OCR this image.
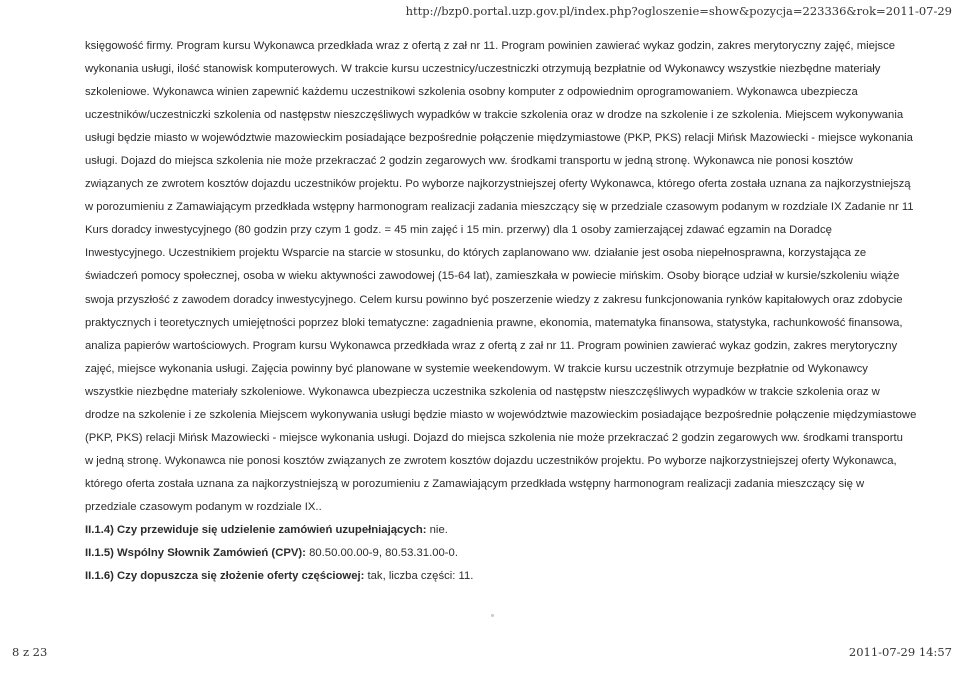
http://bzp0.portal.uzp.gov.pl/index.php?ogloszenie=show&pozycja=223336&rok=2011-07-29
księgowość firmy. Program kursu Wykonawca przedkłada wraz z ofertą z zał nr 11. Program powinien zawierać wykaz godzin, zakres merytoryczny zajęć, miejsce
wykonania usługi, ilość stanowisk komputerowych. W trakcie kursu uczestnicy/uczestniczki otrzymują bezpłatnie od Wykonawcy wszystkie niezbędne materiały
szkoleniowe. Wykonawca winien zapewnić każdemu uczestnikowi szkolenia osobny komputer z odpowiednim oprogramowaniem. Wykonawca ubezpiecza
uczestników/uczestniczki szkolenia od następstw nieszczęśliwych wypadków w trakcie szkolenia oraz w drodze na szkolenie i ze szkolenia. Miejscem wykonywania
usługi będzie miasto w województwie mazowieckim posiadające bezpośrednie połączenie międzymiastowe (PKP, PKS) relacji Mińsk Mazowiecki - miejsce wykonania
usługi. Dojazd do miejsca szkolenia nie może przekraczać 2 godzin zegarowych ww. środkami transportu w jedną stronę. Wykonawca nie ponosi kosztów
związanych ze zwrotem kosztów dojazdu uczestników projektu. Po wyborze najkorzystniejszej oferty Wykonawca, którego oferta została uznana za najkorzystniejszą
w porozumieniu z Zamawiającym przedkłada wstępny harmonogram realizacji zadania mieszczący się w przedziale czasowym podanym w rozdziale IX Zadanie nr 11
Kurs doradcy inwestycyjnego (80 godzin przy czym 1 godz. = 45 min zajęć i 15 min. przerwy) dla 1 osoby zamierzającej zdawać egzamin na Doradcę
Inwestycyjnego. Uczestnikiem projektu Wsparcie na starcie w stosunku, do których zaplanowano ww. działanie jest osoba niepełnosprawna, korzystająca ze
świadczeń pomocy społecznej, osoba w wieku aktywności zawodowej (15-64 lat), zamieszkała w powiecie mińskim. Osoby biorące udział w kursie/szkoleniu wiąże
swoja przyszłość z zawodem doradcy inwestycyjnego. Celem kursu powinno być poszerzenie wiedzy z zakresu funkcjonowania rynków kapitałowych oraz zdobycie
praktycznych i teoretycznych umiejętności poprzez bloki tematyczne: zagadnienia prawne, ekonomia, matematyka finansowa, statystyka, rachunkowość finansowa,
analiza papierów wartościowych. Program kursu Wykonawca przedkłada wraz z ofertą z zał nr 11. Program powinien zawierać wykaz godzin, zakres merytoryczny
zajęć, miejsce wykonania usługi. Zajęcia powinny być planowane w systemie weekendowym. W trakcie kursu uczestnik otrzymuje bezpłatnie od Wykonawcy
wszystkie niezbędne materiały szkoleniowe. Wykonawca ubezpiecza uczestnika szkolenia od następstw nieszczęśliwych wypadków w trakcie szkolenia oraz w
drodze na szkolenie i ze szkolenia Miejscem wykonywania usługi będzie miasto w województwie mazowieckim posiadające bezpośrednie połączenie międzymiastowe
(PKP, PKS) relacji Mińsk Mazowiecki - miejsce wykonania usługi. Dojazd do miejsca szkolenia nie może przekraczać 2 godzin zegarowych ww. środkami transportu
w jedną stronę. Wykonawca nie ponosi kosztów związanych ze zwrotem kosztów dojazdu uczestników projektu. Po wyborze najkorzystniejszej oferty Wykonawca,
którego oferta została uznana za najkorzystniejszą w porozumieniu z Zamawiającym przedkłada wstępny harmonogram realizacji zadania mieszczący się w
przedziale czasowym podanym w rozdziale IX..
II.1.4) Czy przewiduje się udzielenie zamówień uzupełniających: nie.
II.1.5) Wspólny Słownik Zamówień (CPV): 80.50.00.00-9, 80.53.31.00-0.
II.1.6) Czy dopuszcza się złożenie oferty częściowej: tak, liczba części: 11.
8 z 23	2011-07-29 14:57
